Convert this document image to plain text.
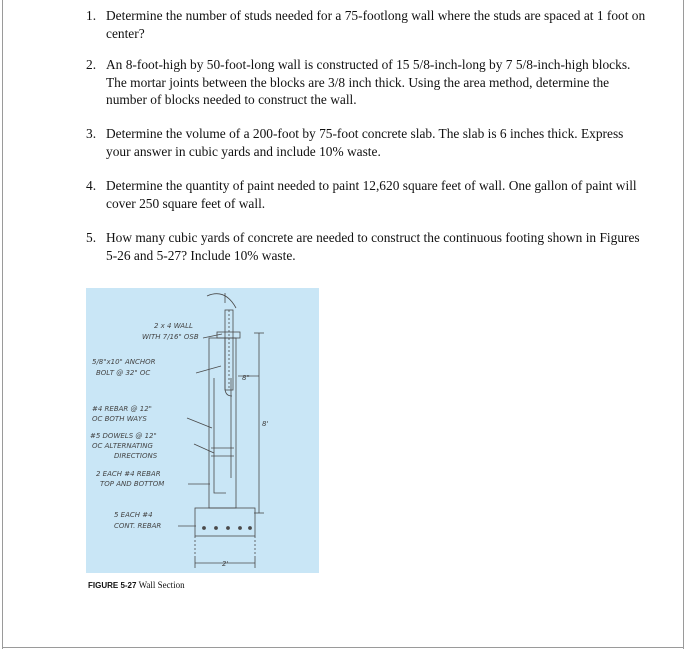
1. Determine the number of studs needed for a 75-footlong wall where the studs are spaced at 1 foot on center?
2. An 8-foot-high by 50-foot-long wall is constructed of 15 5/8-inch-long by 7 5/8-inch-high blocks. The mortar joints between the blocks are 3/8 inch thick. Using the area method, determine the number of blocks needed to construct the wall.
3. Determine the volume of a 200-foot by 75-foot concrete slab. The slab is 6 inches thick. Express your answer in cubic yards and include 10% waste.
4. Determine the quantity of paint needed to paint 12,620 square feet of wall. One gallon of paint will cover 250 square feet of wall.
5. How many cubic yards of concrete are needed to construct the continuous footing shown in Figures 5-26 and 5-27? Include 10% waste.
2 x 4 WALL
WITH 7/16" OSB
5/8"x10" ANCHOR
BOLT @ 32" OC
#4 REBAR @ 12"
OC BOTH WAYS
#5 DOWELS @ 12"
OC ALTERNATING
DIRECTIONS
2 EACH #4 REBAR
TOP AND BOTTOM
5 EACH #4
CONT. REBAR
8"
8'
2'
FIGURE 5-27 Wall Section
